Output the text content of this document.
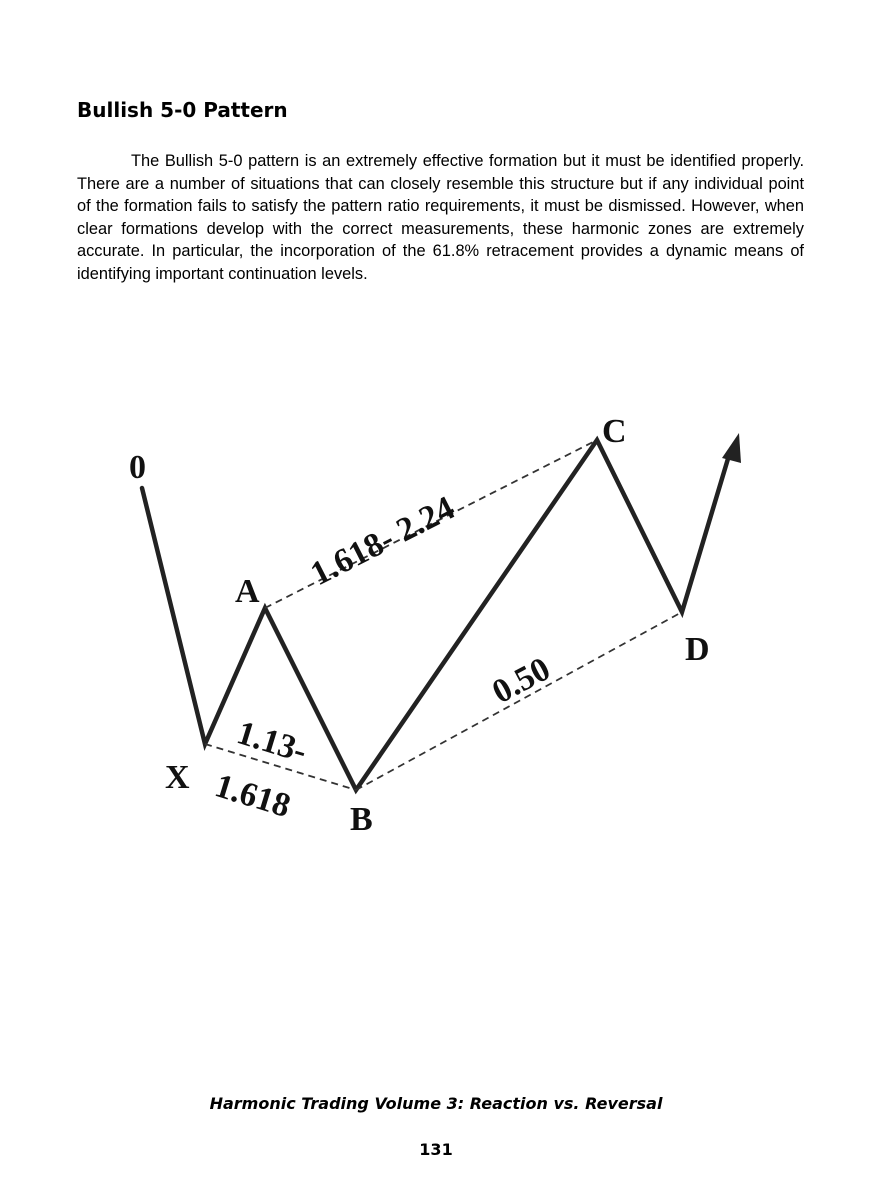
Bullish 5-0 Pattern

The Bullish 5-0 pattern is an extremely effective formation but it must be identified properly. There are a number of situations that can closely resemble this structure but if any individual point of the formation fails to satisfy the pattern ratio requirements, it must be dismissed. However, when clear formations develop with the correct measurements, these harmonic zones are extremely accurate. In particular, the incorporation of the 61.8% retracement provides a dynamic means of identifying important continuation levels.

0
X
A
B
C
D
1.13-
1.618
1.618- 2.24
0.50

Harmonic Trading Volume 3: Reaction vs. Reversal

131
